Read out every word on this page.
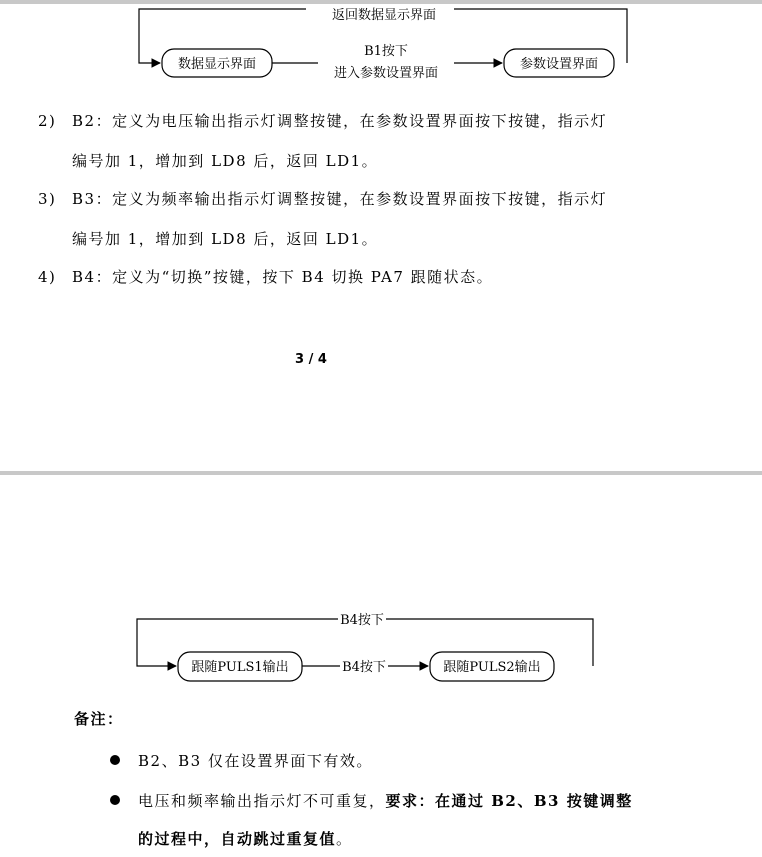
返回数据显示界面
数据显示界面	参数设置界面
B1按下
进入参数设置界面
2) B2：定义为电压输出指示灯调整按键，在参数设置界面按下按键，指示灯
编号加 1，增加到 LD8 后，返回 LD1。
3) B3：定义为频率输出指示灯调整按键，在参数设置界面按下按键，指示灯
编号加 1，增加到 LD8 后，返回 LD1。
4) B4：定义为“切换”按键，按下 B4 切换 PA7 跟随状态。
3 / 4
B4按下
跟随PULS1输出	跟随PULS2输出
B4按下
备注：
B2、B3 仅在设置界面下有效。
电压和频率输出指示灯不可重复，要求：在通过 B2、B3 按键调整
的过程中，自动跳过重复值。
